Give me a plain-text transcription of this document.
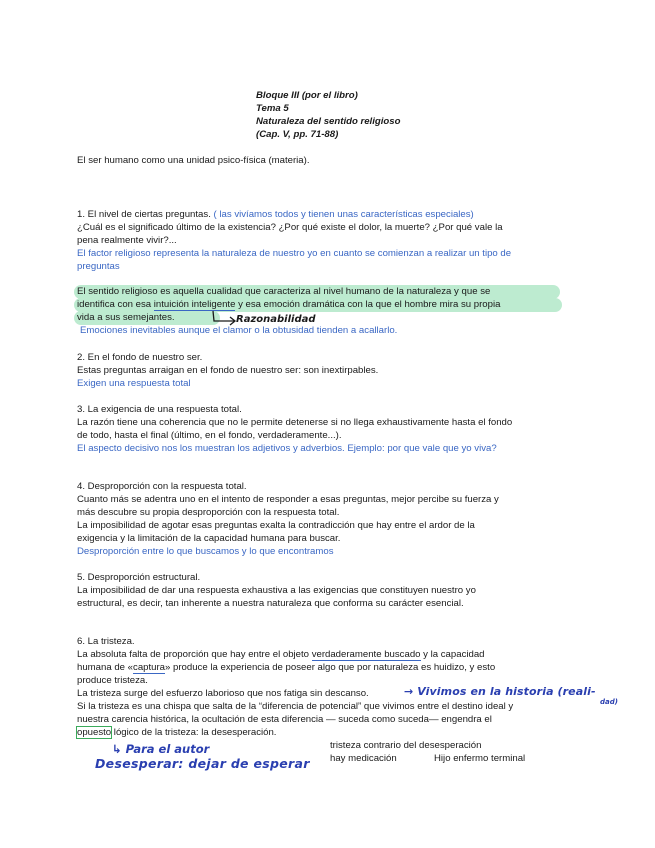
Bloque III (por el libro)
Tema 5
Naturaleza del sentido religioso
(Cap. V, pp. 71-88)
El ser humano como una unidad psico-física (materia).
1. El nivel de ciertas preguntas. ( las vivíamos todos y tienen unas características especiales)
¿Cuál es el significado último de la existencia? ¿Por qué existe el dolor, la muerte? ¿Por qué vale la
pena realmente vivir?...
El factor religioso representa la naturaleza de nuestro yo en cuanto se comienzan a realizar un tipo de
preguntas
El sentido religioso es aquella cualidad que caracteriza al nivel humano de la naturaleza y que se
identifica con esa intuición inteligente y esa emoción dramática con la que el hombre mira su propia
vida a sus semejantes.	Razonabilidad
Emociones inevitables aunque el clamor o la obtusidad tienden a acallarlo.
2. En el fondo de nuestro ser.
Estas preguntas arraigan en el fondo de nuestro ser: son inextirpables.
Exigen una respuesta total
3. La exigencia de una respuesta total.
La razón tiene una coherencia que no le permite detenerse si no llega exhaustivamente hasta el fondo
de todo, hasta el final (último, en el fondo, verdaderamente...).
El aspecto decisivo nos los muestran los adjetivos y adverbios. Ejemplo: por que vale que yo viva?
4. Desproporción con la respuesta total.
Cuanto más se adentra uno en el intento de responder a esas preguntas, mejor percibe su fuerza y
más descubre su propia desproporción con la respuesta total.
La imposibilidad de agotar esas preguntas exalta la contradicción que hay entre el ardor de la
exigencia y la limitación de la capacidad humana para buscar.
Desproporción entre lo que buscamos y lo que encontramos
5. Desproporción estructural.
La imposibilidad de dar una respuesta exhaustiva a las exigencias que constituyen nuestro yo
estructural, es decir, tan inherente a nuestra naturaleza que conforma su carácter esencial.
6. La tristeza.
La absoluta falta de proporción que hay entre el objeto verdaderamente buscado y la capacidad
humana de «captura» produce la experiencia de poseer algo que por naturaleza es huidizo, y esto
produce tristeza.
La tristeza surge del esfuerzo laborioso que nos fatiga sin descanso.	→ Vivimos en la historia (reali-
dad)
Si la tristeza es una chispa que salta de la “diferencia de potencial” que vivimos entre el destino ideal y
nuestra carencia histórica, la ocultación de esta diferencia — suceda como suceda— engendra el
opuesto lógico de la tristeza: la desesperación.
↳ Para el autor
Desesperar: dejar de esperar
tristeza contrario del desesperación
hay medicación	Hijo enfermo terminal
